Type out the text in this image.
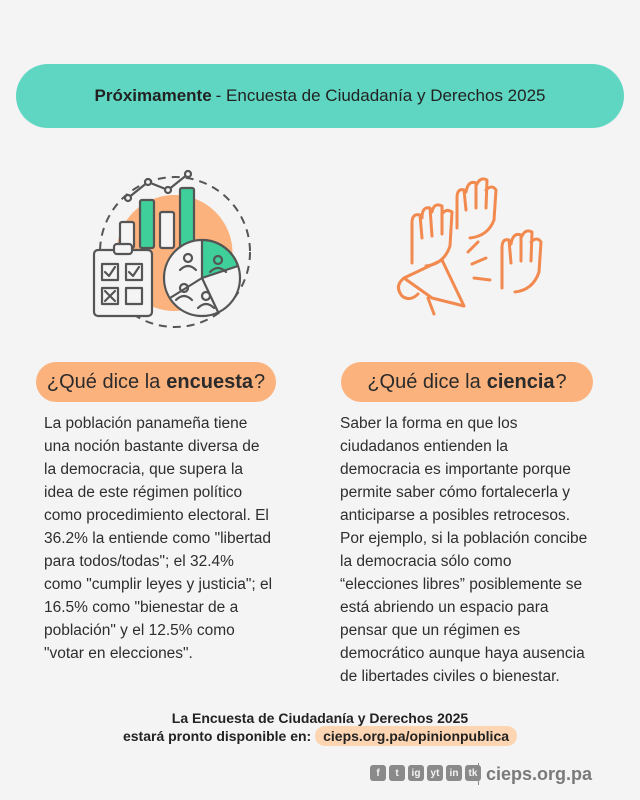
Próximamente - Encuesta de Ciudadanía y Derechos 2025
¿Qué dice la encuesta ?	¿Qué dice la ciencia ?
La población panameña tiene
una noción bastante diversa de
la democracia, que supera la
idea de este régimen político
como procedimiento electoral. El
36.2% la entiende como "libertad
para todos/todas"; el 32.4%
como "cumplir leyes y justicia"; el
16.5% como "bienestar de a
población" y el 12.5% como
"votar en elecciones".
Saber la forma en que los
ciudadanos entienden la
democracia es importante porque
permite saber cómo fortalecerla y
anticiparse a posibles retrocesos.
Por ejemplo, si la población concibe
la democracia sólo como
“elecciones libres” posiblemente se
está abriendo un espacio para
pensar que un régimen es
democrático aunque haya ausencia
de libertades civiles o bienestar.
La Encuesta de Ciudadanía y Derechos 2025
estará pronto disponible en: cieps.org.pa/opinionpublica
f	t	ig	yt	in	tk cieps.org.pa
